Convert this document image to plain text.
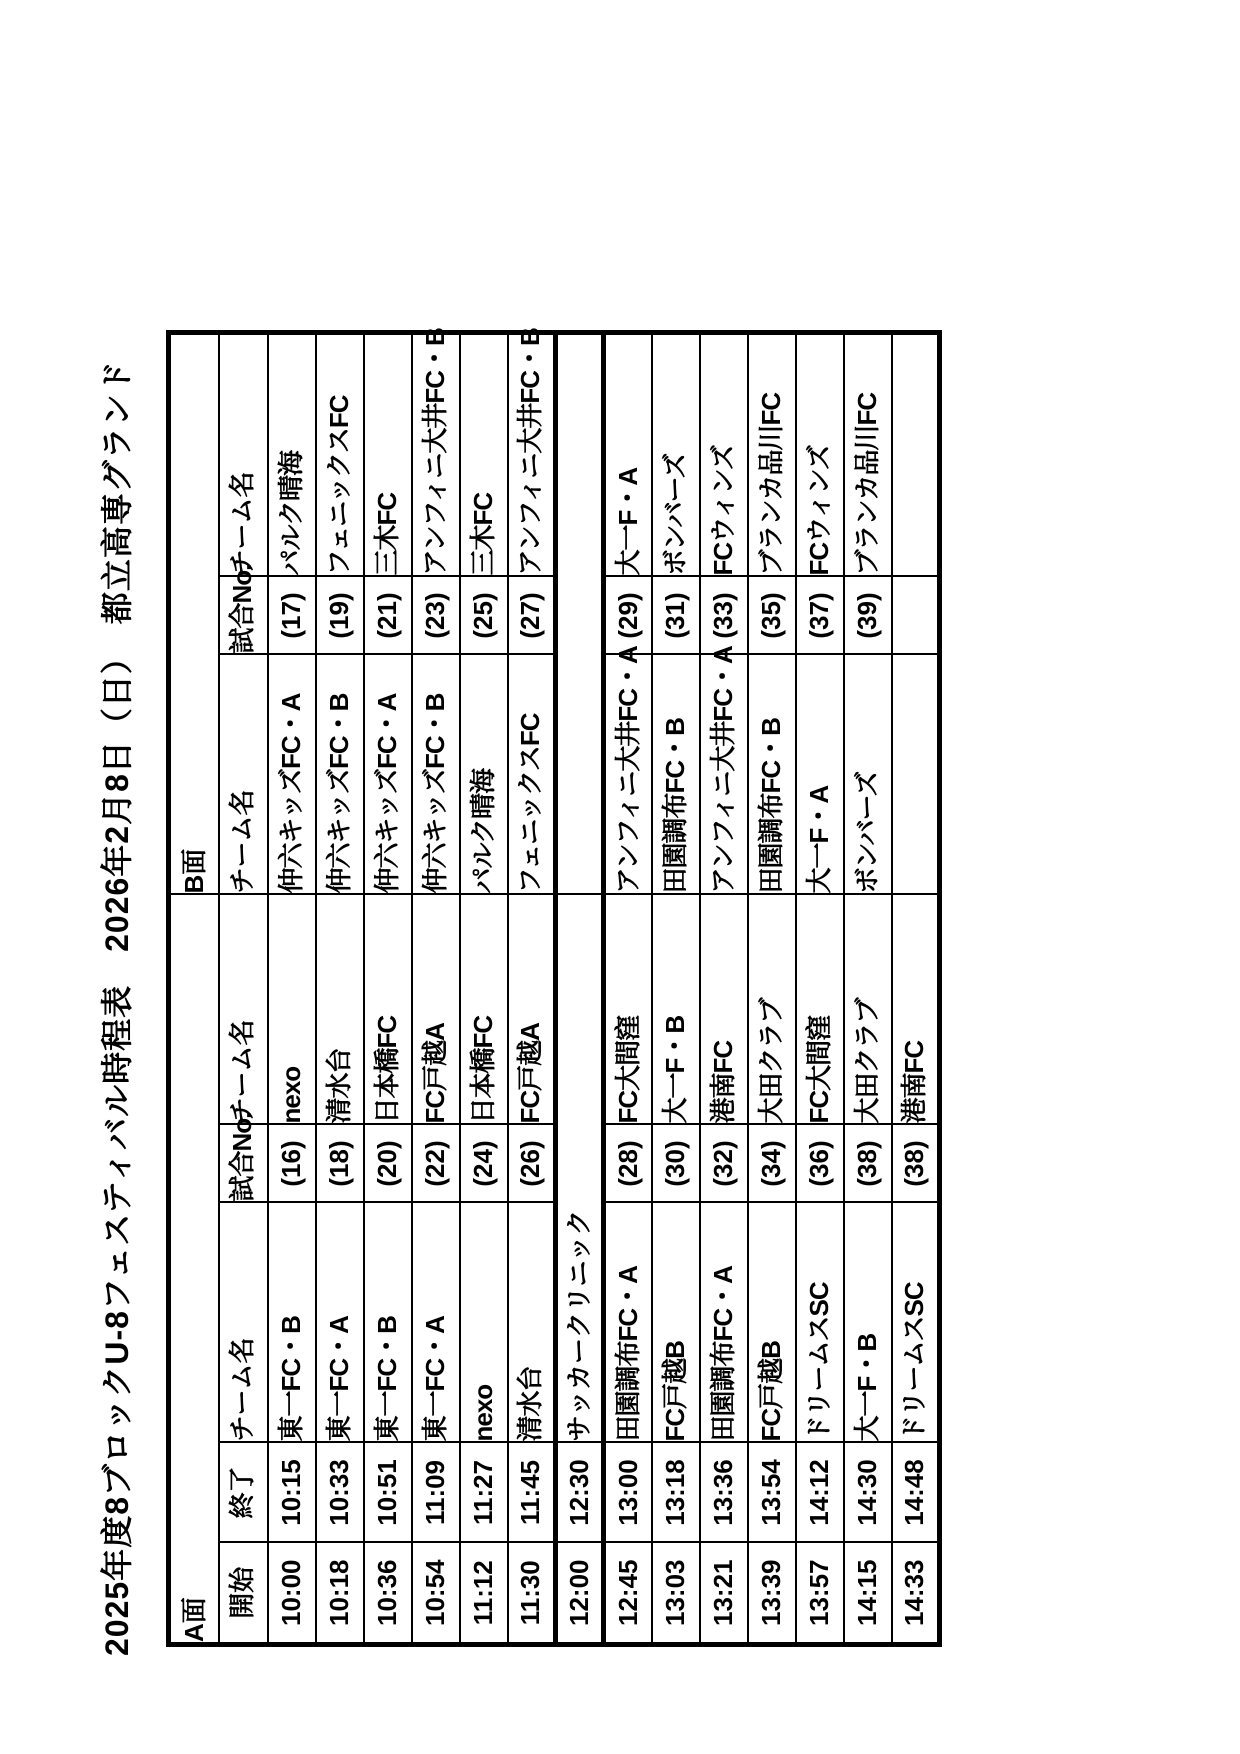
2025年度8ブロックU-8フェスティバル時程表　2026年2月8日（日）　都立高専グランド A面					B面		
開始	終了	チーム名	試合No.	チーム名	チーム名	試合No.	チーム名
10:00	10:15	東一FC・B	(16)	nexo	仲六キッズFC・A	(17)	パルク晴海
10:18	10:33	東一FC・A	(18)	清水台	仲六キッズFC・B	(19)	フェニックスFC
10:36	10:51	東一FC・B	(20)	日本橋FC	仲六キッズFC・A	(21)	三木FC
10:54	11:09	東一FC・A	(22)	FC戸越A	仲六キッズFC・B	(23)	アンフィニ大井FC・B
11:12	11:27	nexo	(24)	日本橋FC	パルク晴海	(25)	三木FC
11:30	11:45	清水台	(26)	FC戸越A	フェニックスFC	(27)	アンフィニ大井FC・B
12:00	12:30	サッカークリニック					
12:45	13:00	田園調布FC・A	(28)	FC大間窪	アンフィニ大井FC・A	(29)	大一F・A
13:03	13:18	FC戸越B	(30)	大一F・B	田園調布FC・B	(31)	ボンバーズ
13:21	13:36	田園調布FC・A	(32)	港南FC	アンフィニ大井FC・A	(33)	FCウィンズ
13:39	13:54	FC戸越B	(34)	大田クラブ	田園調布FC・B	(35)	ブランカ品川FC
13:57	14:12	ドリームスSC	(36)	FC大間窪	大一F・A	(37)	FCウィンズ
14:15	14:30	大一F・B	(38)	大田クラブ	ボンバーズ	(39)	ブランカ品川FC
14:33	14:48	ドリームスSC	(38)	港南FC			
